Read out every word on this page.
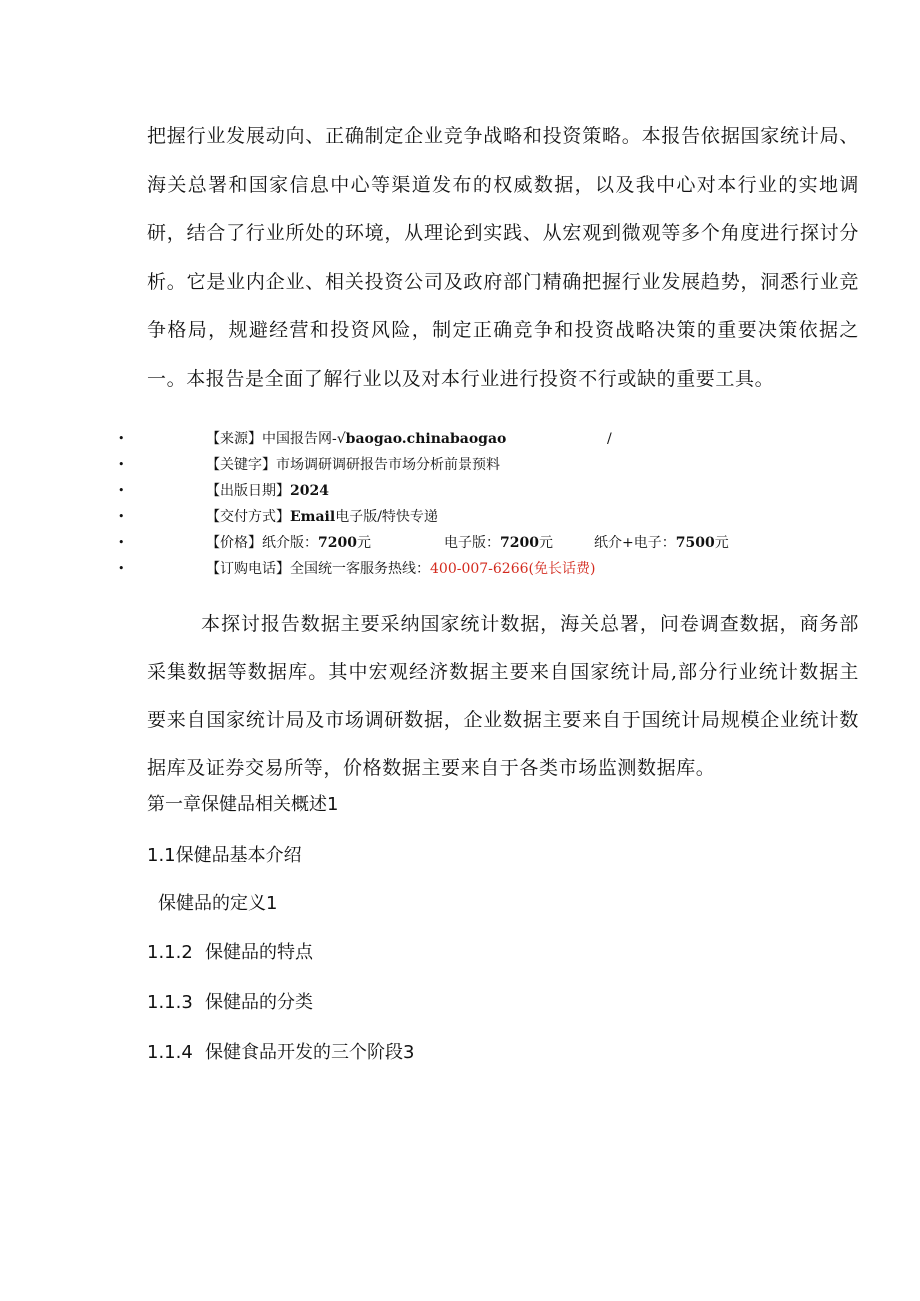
把握行业发展动向、正确制定企业竞争战略和投资策略。本报告依据国家统计局、海关总署和国家信息中心等渠道发布的权威数据，以及我中心对本行业的实地调研，结合了行业所处的环境，从理论到实践、从宏观到微观等多个角度进行探讨分析。它是业内企业、相关投资公司及政府部门精确把握行业发展趋势，洞悉行业竞争格局，规避经营和投资风险，制定正确竞争和投资战略决策的重要决策依据之一。本报告是全面了解行业以及对本行业进行投资不行或缺的重要工具。

•	【来源】中国报告网-√baogao.chinabaogao	/
•	【关键字】市场调研调研报告市场分析前景预料
•	【出版日期】2024
•	【交付方式】Email电子版/特快专递
•	【价格】纸介版：7200元	电子版：7200元	纸介+电子：7500元
•	【订购电话】全国统一客服务热线：400-007-6266(免长话费)

本探讨报告数据主要采纳国家统计数据，海关总署，问卷调查数据，商务部采集数据等数据库。其中宏观经济数据主要来自国家统计局,部分行业统计数据主要来自国家统计局及市场调研数据，企业数据主要来自于国统计局规模企业统计数据库及证券交易所等，价格数据主要来自于各类市场监测数据库。

第一章保健品相关概述1
1.1保健品基本介绍
保健品的定义1
1.1.2 保健品的特点
1.1.3 保健品的分类
1.1.4 保健食品开发的三个阶段3
